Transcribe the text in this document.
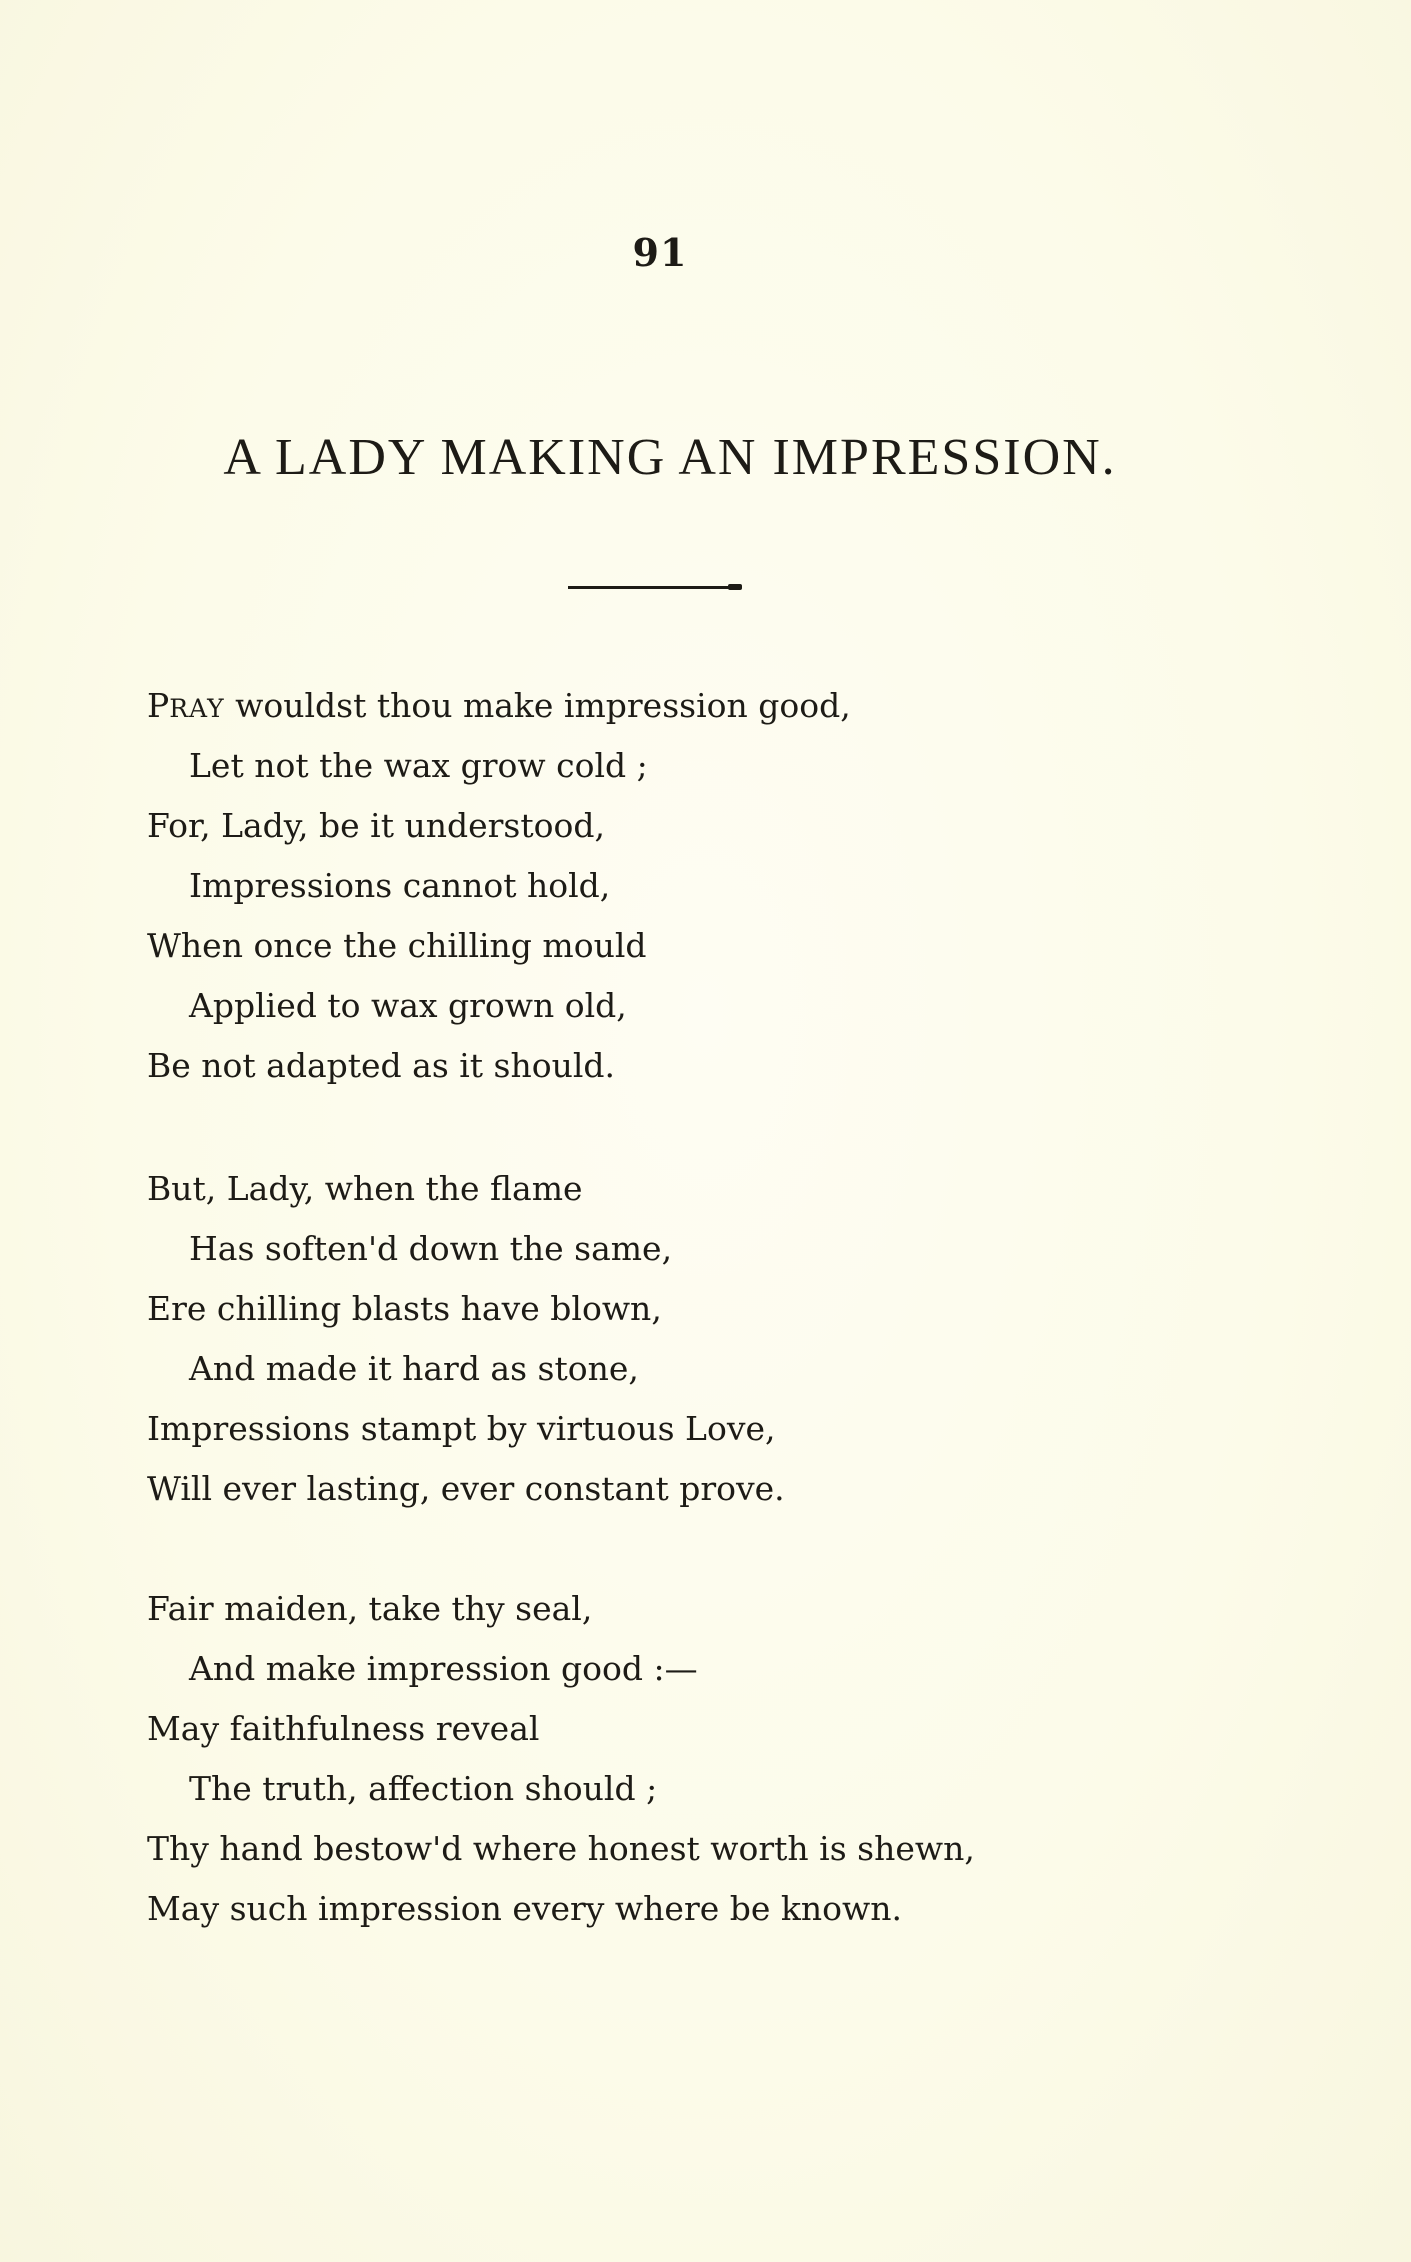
91
A LADY MAKING AN IMPRESSION.
PRAY wouldst thou make impression good,
Let not the wax grow cold ;
For, Lady, be it understood,
Impressions cannot hold,
When once the chilling mould
Applied to wax grown old,
Be not adapted as it should.
But, Lady, when the flame
Has soften'd down the same,
Ere chilling blasts have blown,
And made it hard as stone,
Impressions stampt by virtuous Love,
Will ever lasting, ever constant prove.
Fair maiden, take thy seal,
And make impression good :—
May faithfulness reveal
The truth, affection should ;
Thy hand bestow'd where honest worth is shewn,
May such impression every where be known.
